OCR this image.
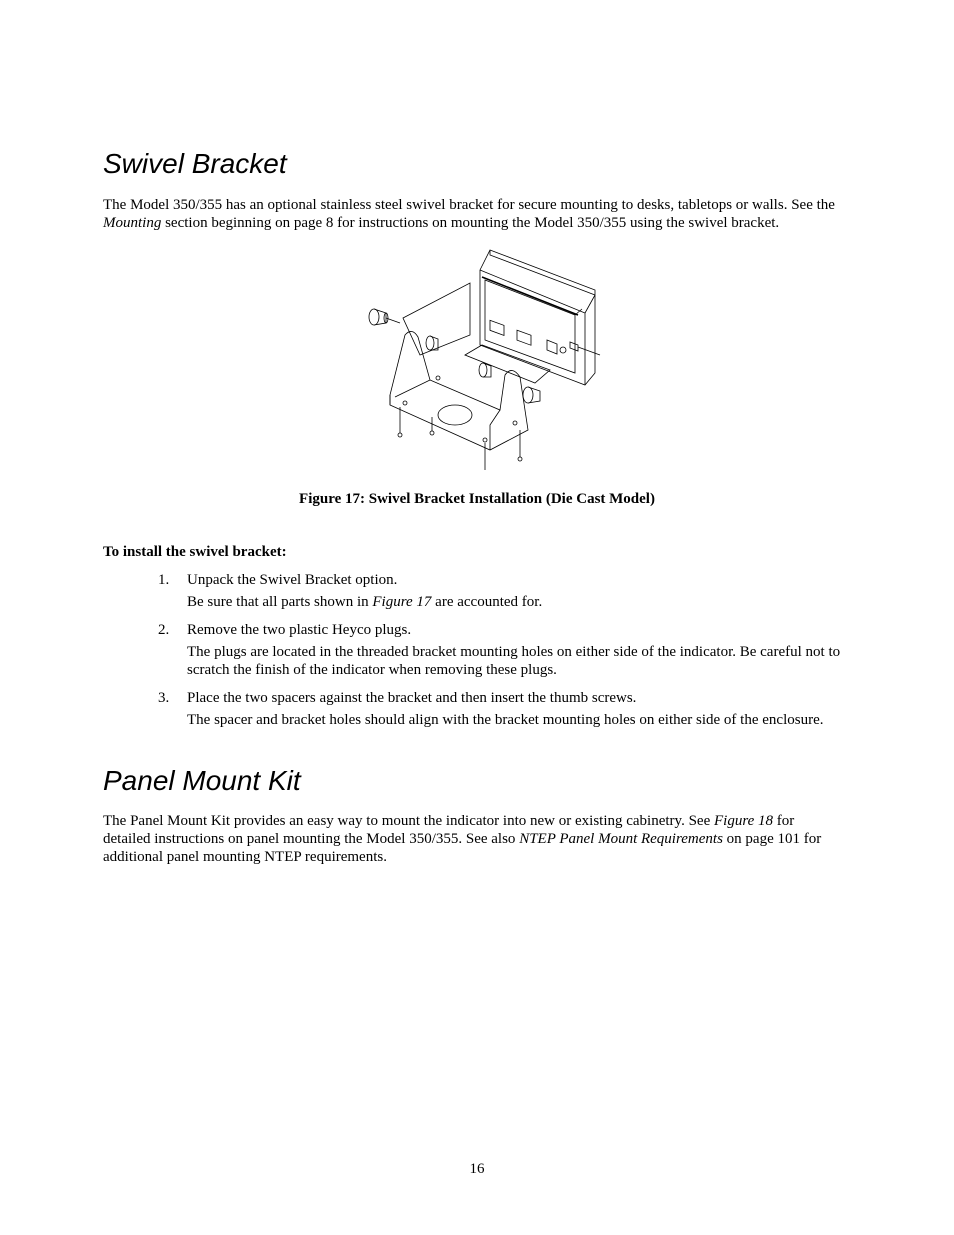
Swivel Bracket

The Model 350/355 has an optional stainless steel swivel bracket for secure mounting to desks, tabletops or walls. See the Mounting section beginning on page 8 for instructions on mounting the Model 350/355 using the swivel bracket.

Figure 17: Swivel Bracket Installation (Die Cast Model)

To install the swivel bracket:

1. Unpack the Swivel Bracket option.
Be sure that all parts shown in Figure 17 are accounted for.
2. Remove the two plastic Heyco plugs.
The plugs are located in the threaded bracket mounting holes on either side of the indicator. Be careful not to scratch the finish of the indicator when removing these plugs.
3. Place the two spacers against the bracket and then insert the thumb screws.
The spacer and bracket holes should align with the bracket mounting holes on either side of the enclosure.
Panel Mount Kit

The Panel Mount Kit provides an easy way to mount the indicator into new or existing cabinetry. See Figure 18 for detailed instructions on panel mounting the Model 350/355. See also NTEP Panel Mount Requirements on page 101 for additional panel mounting NTEP requirements.

16
